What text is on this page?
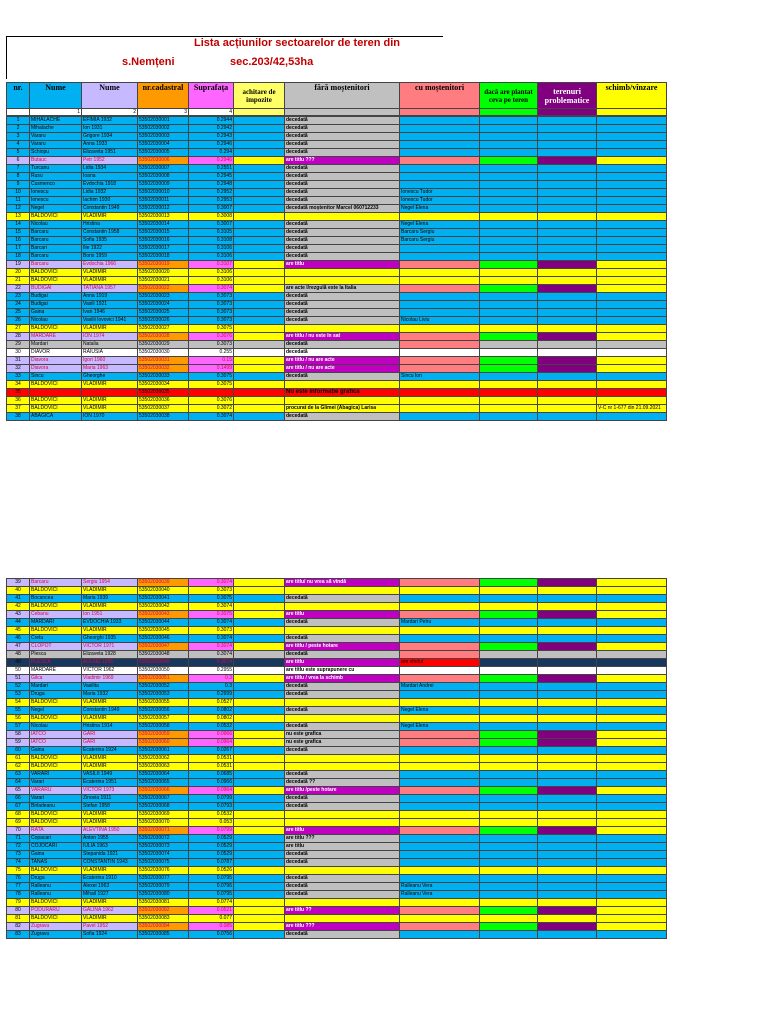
Lista acțiunilor sectoarelor de teren din
s.Nemțeni	sec.203/42,53ha
nr.	Nume	Nume	nr.cadastral	Suprafața	achitare de impozite	fără moștenitori	cu moștenitori	dacă are plantat ceva pe teren	terenuri problematice	schimb/vînzare
	1	2	3	4						
1	MIHALACHE	EFIMIA 1932	53502030001	0.2944		decedată				
2	Mihalache	Ion 1931	53502030002	0.2942		decedată				
3	Vararu	Grigore 1934	53502030003	0.2943		decedată				
4	Vararu	Anna 1933	53502030004	0.2946		decedată				
5	Schiopu	Elizaveta 1951	53502030005	0.294		decedată				
6	Butauc	Petr 1952	53502030006	0.2946		are titlu ???				
7	Turcanu	Lidia 1934	53502030007	0.2551		decedată				
8	Rusu	Ioana	53502030008	0.2945		decedată				
9	Cusmenco	Evdochia 1918	53502030009	0.2948		decedată				
10	Ionescu	Lidia 1932	53502030010	0.2952		decedată	Ionescu Tudor			
11	Ionescu	Iachim 1930	53502030011	0.2953		decedată	Ionescu Tudor			
12	Negel	Constantin 1949	53502030012	0.3007		decedată moștenitor Marcel 060712233	Negel Elena			
13	BALDOVICI	VLADIMIR	53502030013	0.3008						
14	Nicolau	Hristina	53502030014	0.3007		decedată	Negel Elena			
15	Barcaru	Constantin 1958	53502030015	0.3105		decedată	Barcaru Sergiu			
16	Barcaru	Sofia 1935	53502030016	0.3108		decedată	Barcaru Sergiu			
17	Barcari	Ilie 1922	53502030017	0.3106		decedată				
18	Barcaru	Boris 1959	53502030018	0.3106		decedată				
19	Barcaru	Evdochia 1966	53502030019	0.3107		are titlu				
20	BALDOVICI	VLADIMIR	53502030020	0.3106						
21	BALDOVICI	VLADIMIR	53502030021	0.3106						
22	BUDIGAI	TATIANA 1957	53502030022	0.3074		are acte î/rezgulă este la Italia				
23	Budigai	Anna 1919	53502030023	0.3073		decedată				
24	Budigai	Vasili 1921	53502030024	0.3073		decedată				
25	Gaina	Ivan 1946	53502030025	0.3073		decedată				
26	Nicolau	Vasilii Iovovici 1941	53502030026	0.3073		decedată	Nicolau Liviu			
27	BALDOVICI	VLADIMIR	53502030027	0.3075						
28	MARDARE	ION 1974	53502030028	0.3076		are titlu / nu este în sat				
29	Mardari	Natalia	53502030029	0.3073		decedată				
30	DIAVOR	RAIUSIA	53502030030	0.255		decedată				
31	Diavora	Igori 1960	53502030031	0.15		are titlu / nu are acte				
32	Diavora	Maria 1963	53502030032	0.1499		are titlu / nu are acte				
33	Sincu	Gheorghe	53502030033	0.3075		decedată	Sincu Ion			
34	BALDOVICI	VLADIMIR	53502030034	0.3075						
35			53502030035			Nu este informație grafică				
36	BALDOVICI	VLADIMIR	53502030036	0.3076						
37	BALDOVICI	VLADIMIR	53502030037	0.3072		procurat de la Glimei (Abagica) Larisa				V-C nr 1-677 din 21.09.2021
38	ABAGICA	ION 1970	53502030038	0.3074		decedată				
39	Barcaru	Sergiu 1954	53502030039	0.3074		are titlu/ nu vrea să vîndă				
40	BALDOVICI	VLADIMIR	53502030040	0.3073						
41	Bocancea	Maria 1939	53502030041	0.3075		decedată				
42	BALDOVICI	VLADIMIR	53502030042	0.3074						
43	Cebanu	Ion 1951	53502030043	0.3075		are titlu				
44	MARDARI	EVDOCHIA 1933	53502030044	0.3074		decedată	Mardari Petru			
45	BALDOVICI	VLADIMIR	53502030045	0.3073						
46	Cretu	Gheorghi 1935	53502030046	0.3074		decedată				
47	CLOPOT	VICTOR 1971	53502030047	0.3074		are titlu / peste hotare				
48	Plesca	Elizaveta 1928	53502030048	0.3074		decedată				
49	PLESCA	ALEXEI 1955	53502030049	0.3074		are titlu	are vîndut			
50	MARDARE	VICTOR 1962	53502030050	0.2955		are titlu este suprapunere cu				
51	Gilca	Vladimir 1969	53502030051	0.3		are titlu / vrea la schimb				
52	Mardari	Vasilita	53502030052	0.3		decedată	Mardari Andrei			
53	Druga	Maria 1932	53502030053	0.2999		decedată				
54	BALDOVICI	VLADIMIR	53502030055	0.0527						
55	Negel	Constantin 1949	53502030056	0.0802		decedată	Negel Elena			
56	BALDOVICI	VLADIMIR	53502030057	0.0802						
57	Nicolau	Hristina 1914	53502030058	0.0532		decedată	Negel Elena			
58	IATCO	GARI	53502030059	0.0966		nu este grafica				
59	IATCO	GARI	53502030060	0.0964		nu este grafica				
60	Gaina	Ecaterina 1924	53502030061	0.0267		decedată				
61	BALDOVICI	VLADIMIR	53502030062	0.0531						
62	BALDOVICI	VLADIMIR	53502030063	0.0531						
63	VARARI	VASILII 1949	53502030064	0.0685		decedată				
64	Varari	Ecaterina 1951	53502030065	0.0966		decedată ??				
65	VARARU	VICTOR 1973	53502030066	0.0964		are titlu /peste hotare				
66	Varari	Zinovia 1911	53502030067	0.0799		decedată				
67	Birladeanu	Stefan 1958	53502030068	0.0793		decedată				
68	BALDOVICI	VLADIMIR	53502030069	0.0532						
69	BALDOVICI	VLADIMIR	53502030070	0.053						
70	RATA	ALEVTINA 1950	53502030071	0.0799		are titlu				
71	Copacari	Anton 1955	53502030072	0.0529		are titlu ???				
72	COJOCARI	IULIA 1963	53502030073	0.0529		are titlu				
73	Gaina	Stepanida 1921	53502030074	0.0529		decedată				
74	TANAS	CONSTANTIN 1943	53502030075	0.0787		decedată				
75	BALDOVICI	VLADIMIR	53502030076	0.0526						
76	Druga	Ecaterina 1910	53502030077	0.0795		decedată				
77	Ralleanu	Alexei 1963	53502030079	0.0796		decedată	Ralleanu Vera			
78	Ralleanu	Mihail 1927	53502030080	0.0795		decedată	Ralleanu Vera			
79	BALDOVICI	VLADIMIR	53502030081	0.0774						
80	PODURARU	GALINA 1962	53502030082	0.0521		are titlu ??				
81	BALDOVICI	VLADIMIR	53502030083	0.077						
82	Zugravu	Pavel 1952	53502030084	0.085		are titlu ???				
83	Zugravu	Sofia 1924	53502030085	0.0756		decedată				
